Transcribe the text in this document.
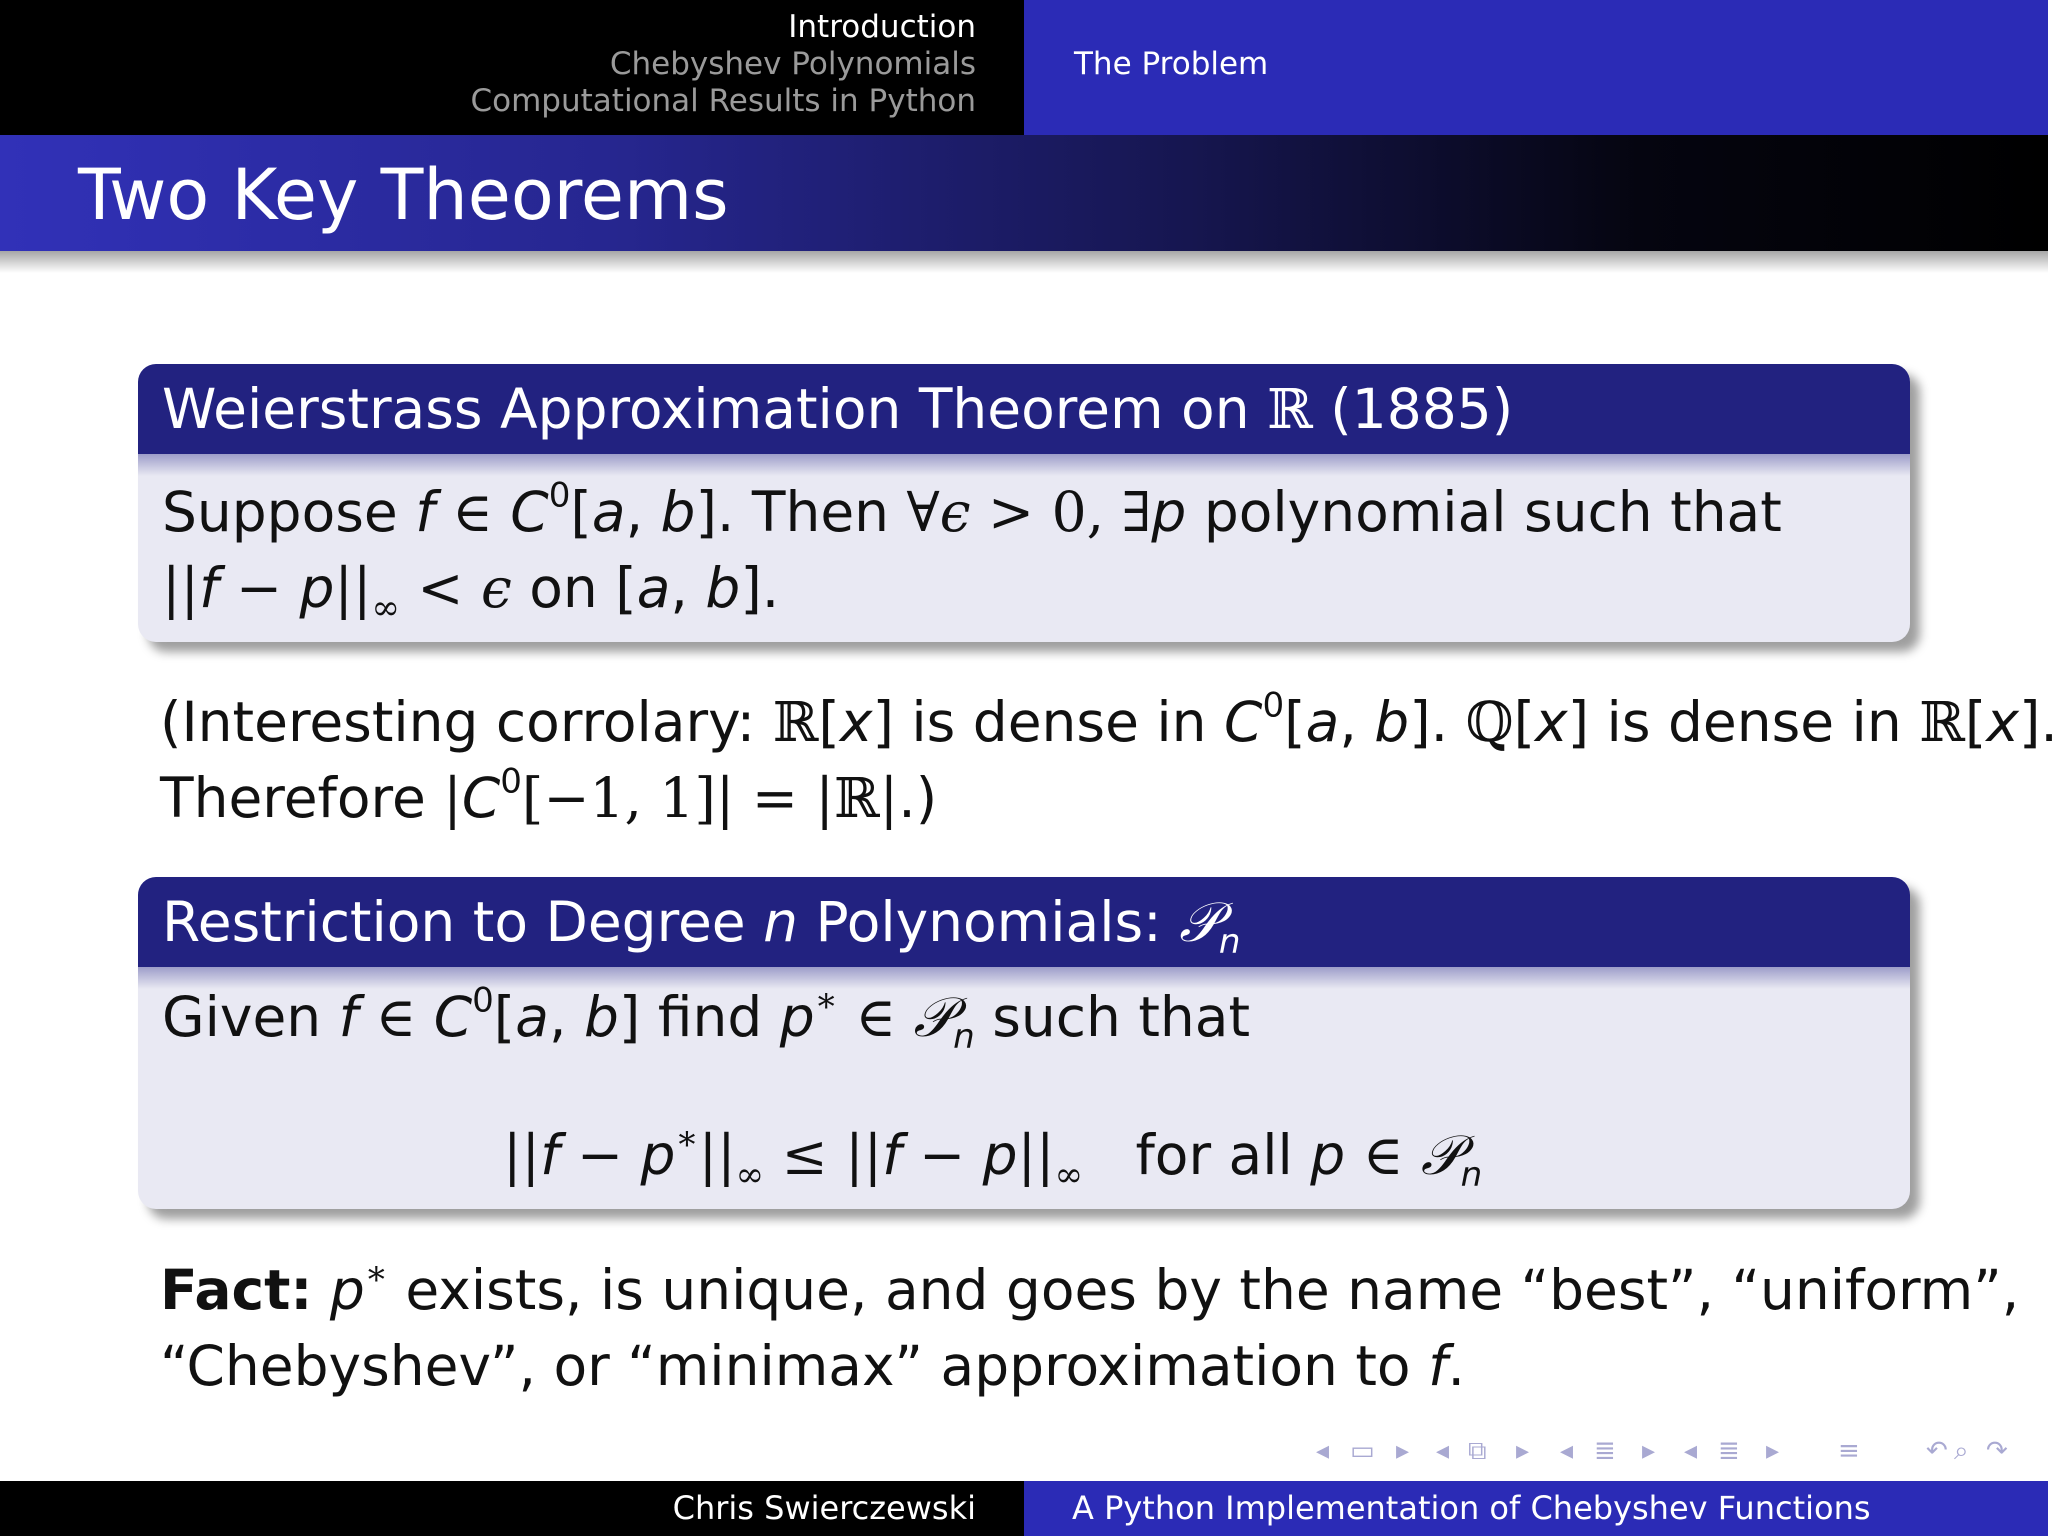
Introduction
Chebyshev Polynomials
Computational Results in Python
The Problem
Two Key Theorems
Weierstrass Approximation Theorem on ℝ (1885)
Suppose f ∈ $C^0[a$, b]. Then ∀ϵ > 0, ∃p polynomial such that
$||f - p||_\infty < \epsilon$ on [a, b].
(Interesting corrolary: ℝ[x] is dense in $C^0[a$, b]. ℚ[x] is dense in ℝ[x].
Therefore $|C^0[-1$, 1]| = |ℝ|.)
Restriction to Degree n Polynomials: 𝒫$_n$
Given f ∈ $C^0[a$, b] find p∗ ∈ 𝒫$_n$ such that
$||f - p^∗||_\infty \le ||f - p||_\infty$ for all p ∈ 𝒫$_n$
Fact: p∗ exists, is unique, and goes by the name “best”, “uniform”,
“Chebyshev”, or “minimax” approximation to f.
◂ ▭ ▸ ◂ ⧉ ▸ ◂ ≣ ▸ ◂ ≣ ▸ ≡	↶ ⌕ ↷
Chris Swierczewski	A Python Implementation of Chebyshev Functions
